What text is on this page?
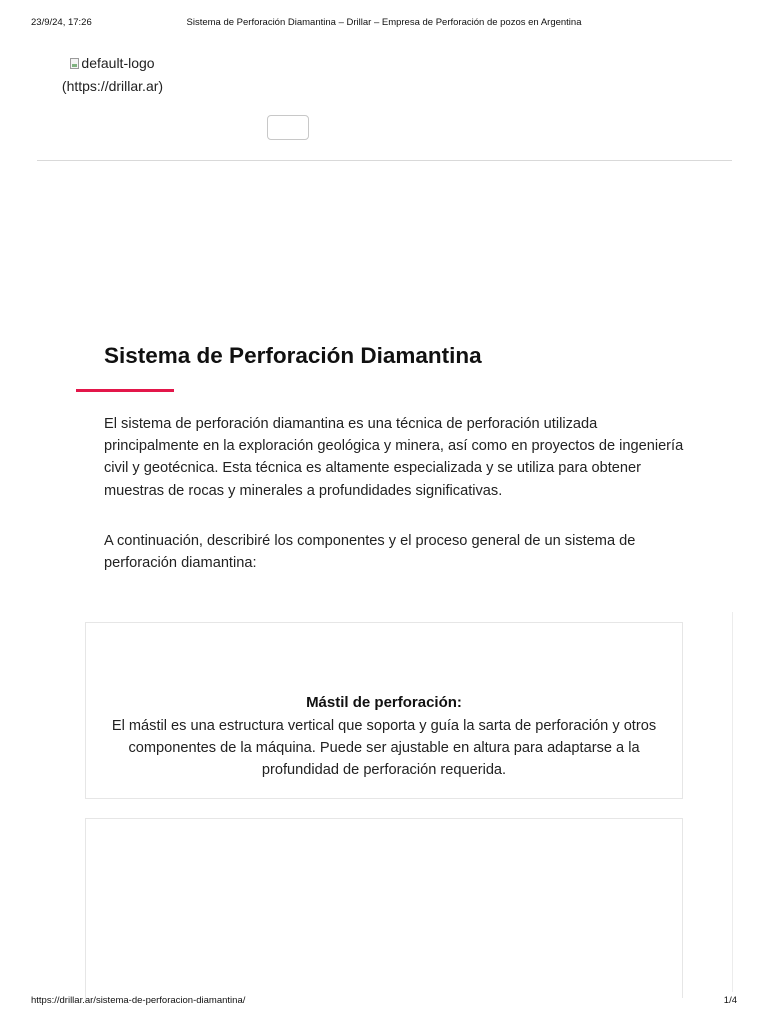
23/9/24, 17:26	Sistema de Perforación Diamantina – Drillar – Empresa de Perforación de pozos en Argentina
default-logo

(https://drillar.ar)
Sistema de Perforación Diamantina

El sistema de perforación diamantina es una técnica de perforación utilizada principalmente en la exploración geológica y minera, así como en proyectos de ingeniería civil y geotécnica. Esta técnica es altamente especializada y se utiliza para obtener muestras de rocas y minerales a profundidades significativas.

A continuación, describiré los componentes y el proceso general de un sistema de perforación diamantina:

Mástil de perforación:

El mástil es una estructura vertical que soporta y guía la sarta de perforación y otros componentes de la máquina. Puede ser ajustable en altura para adaptarse a la profundidad de perforación requerida.

https://drillar.ar/sistema-de-perforacion-diamantina/	1/4
